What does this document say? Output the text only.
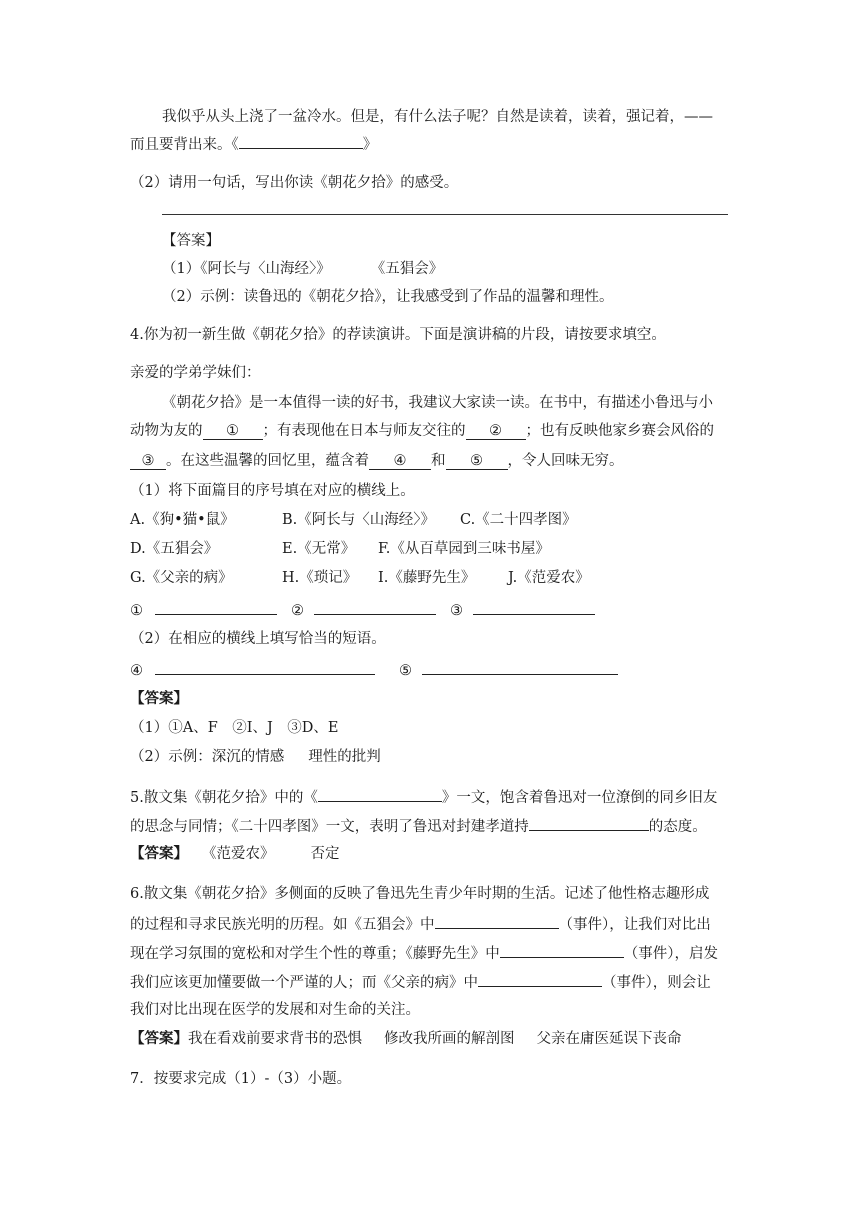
我似乎从头上浇了一盆冷水。但是，有什么法子呢？自然是读着，读着，强记着，——
而且要背出来。《	》
（2）请用一句话，写出你读《朝花夕拾》的感受。
【答案】
（1）《阿长与〈山海经〉》	《五猖会》
（2）示例：读鲁迅的《朝花夕拾》，让我感受到了作品的温馨和理性。
4.你为初一新生做《朝花夕拾》的荐读演讲。下面是演讲稿的片段，请按要求填空。
亲爱的学弟学妹们：
《朝花夕拾》是一本值得一读的好书，我建议大家读一读。在书中，有描述小鲁迅与小
动物为友的 ① ；有表现他在日本与师友交往的 ② ；也有反映他家乡赛会风俗的
③ 。在这些温馨的回忆里，蕴含着 ④ 和 ⑤ ，令人回味无穷。
（1）将下面篇目的序号填在对应的横线上。
A.《狗•猫•鼠》	B.《阿长与〈山海经〉》 C.《二十四孝图》
D.《五猖会》	E.《无常》 F.《从百草园到三味书屋》
G.《父亲的病》	H.《琐记》 I.《藤野先生》 J.《范爱农》
①	②	③
（2）在相应的横线上填写恰当的短语。
④	⑤
【答案】
（1）①A、F　②I、J　③D、E
（2）示例：深沉的情感 理性的批判
5.散文集《朝花夕拾》中的《	》一文，饱含着鲁迅对一位潦倒的同乡旧友
的思念与同情；《二十四孝图》一文，表明了鲁迅对封建孝道持	的态度。
【答案】 《范爱农》 否定
6.散文集《朝花夕拾》多侧面的反映了鲁迅先生青少年时期的生活。记述了他性格志趣形成
的过程和寻求民族光明的历程。如《五猖会》中	（事件），让我们对比出
现在学习氛围的宽松和对学生个性的尊重；《藤野先生》中	（事件），启发
我们应该更加懂要做一个严谨的人；而《父亲的病》中	（事件），则会让
我们对比出现在医学的发展和对生命的关注。
【答案】我在看戏前要求背书的恐惧 修改我所画的解剖图 父亲在庸医延误下丧命
7．按要求完成（1）-（3）小题。
